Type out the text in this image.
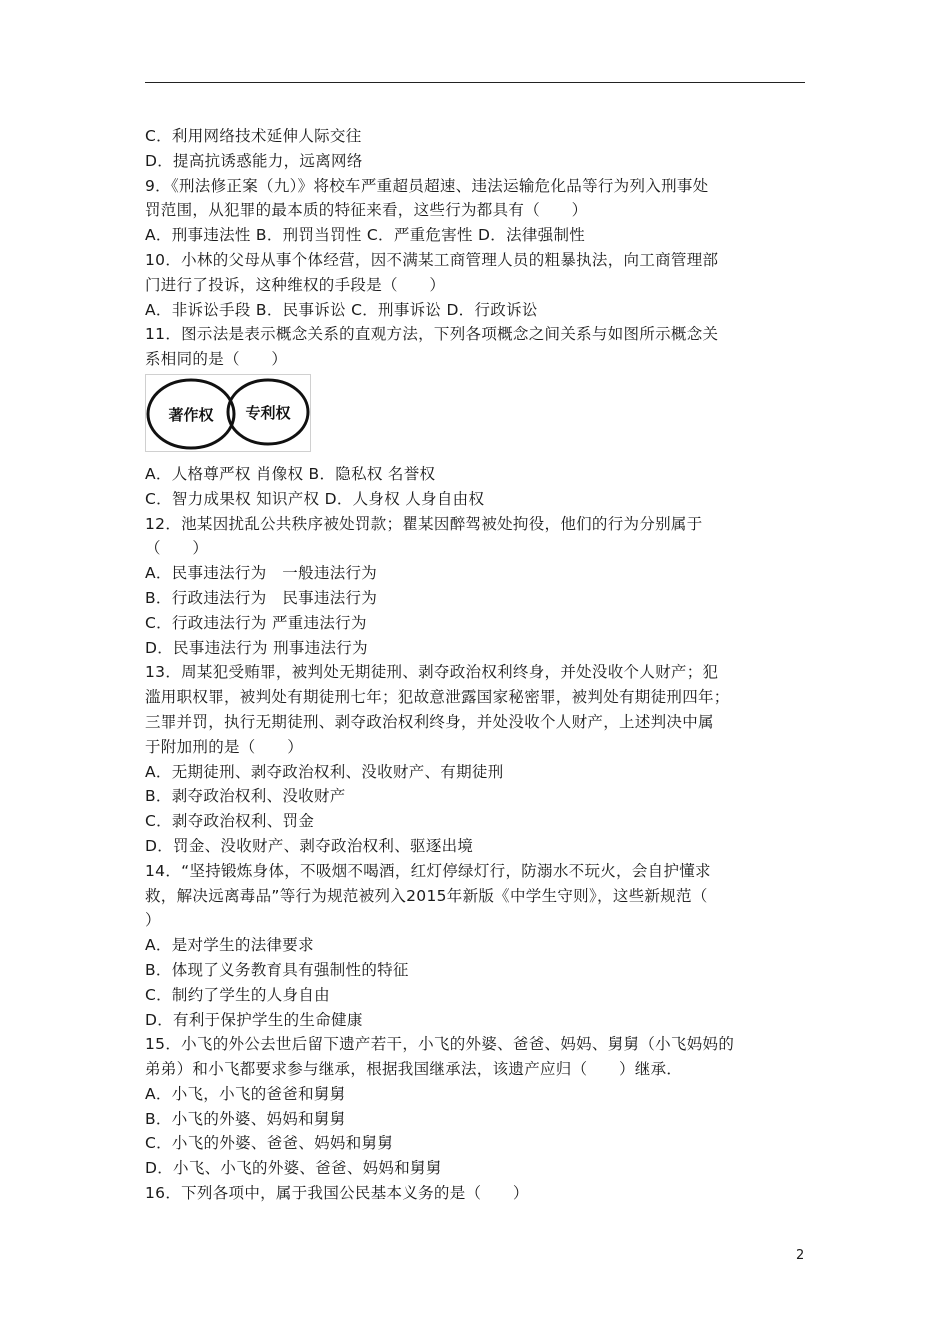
C．利用网络技术延伸人际交往
D．提高抗诱惑能力，远离网络
9．《刑法修正案（九）》将校车严重超员超速、违法运输危化品等行为列入刑事处
罚范围，从犯罪的最本质的特征来看，这些行为都具有（　　）
A．刑事违法性 B．刑罚当罚性 C．严重危害性 D．法律强制性
10．小林的父母从事个体经营，因不满某工商管理人员的粗暴执法，向工商管理部
门进行了投诉，这种维权的手段是（　　）
A．非诉讼手段 B．民事诉讼 C．刑事诉讼 D．行政诉讼
11．图示法是表示概念关系的直观方法，下列各项概念之间关系与如图所示概念关
系相同的是（　　）
著作权 专利权
A．人格尊严权 肖像权 B．隐私权 名誉权
C．智力成果权 知识产权 D．人身权 人身自由权
12．池某因扰乱公共秩序被处罚款；瞿某因醉驾被处拘役，他们的行为分别属于
（　　）
A．民事违法行为　一般违法行为
B．行政违法行为　民事违法行为
C．行政违法行为 严重违法行为
D．民事违法行为 刑事违法行为
13．周某犯受贿罪，被判处无期徒刑、剥夺政治权利终身，并处没收个人财产；犯
滥用职权罪，被判处有期徒刑七年；犯故意泄露国家秘密罪，被判处有期徒刑四年；
三罪并罚，执行无期徒刑、剥夺政治权利终身，并处没收个人财产，上述判决中属
于附加刑的是（　　）
A．无期徒刑、剥夺政治权利、没收财产、有期徒刑
B．剥夺政治权利、没收财产
C．剥夺政治权利、罚金
D．罚金、没收财产、剥夺政治权利、驱逐出境
14．“坚持锻炼身体，不吸烟不喝酒，红灯停绿灯行，防溺水不玩火，会自护懂求
救，解决远离毒品”等行为规范被列入2015年新版《中学生守则》，这些新规范（
）
A．是对学生的法律要求
B．体现了义务教育具有强制性的特征
C．制约了学生的人身自由
D．有利于保护学生的生命健康
15．小飞的外公去世后留下遗产若干，小飞的外婆、爸爸、妈妈、舅舅（小飞妈妈的
弟弟）和小飞都要求参与继承，根据我国继承法，该遗产应归（　　）继承．
A．小飞，小飞的爸爸和舅舅
B．小飞的外婆、妈妈和舅舅
C．小飞的外婆、爸爸、妈妈和舅舅
D．小飞、小飞的外婆、爸爸、妈妈和舅舅
16．下列各项中，属于我国公民基本义务的是（　　）
2
